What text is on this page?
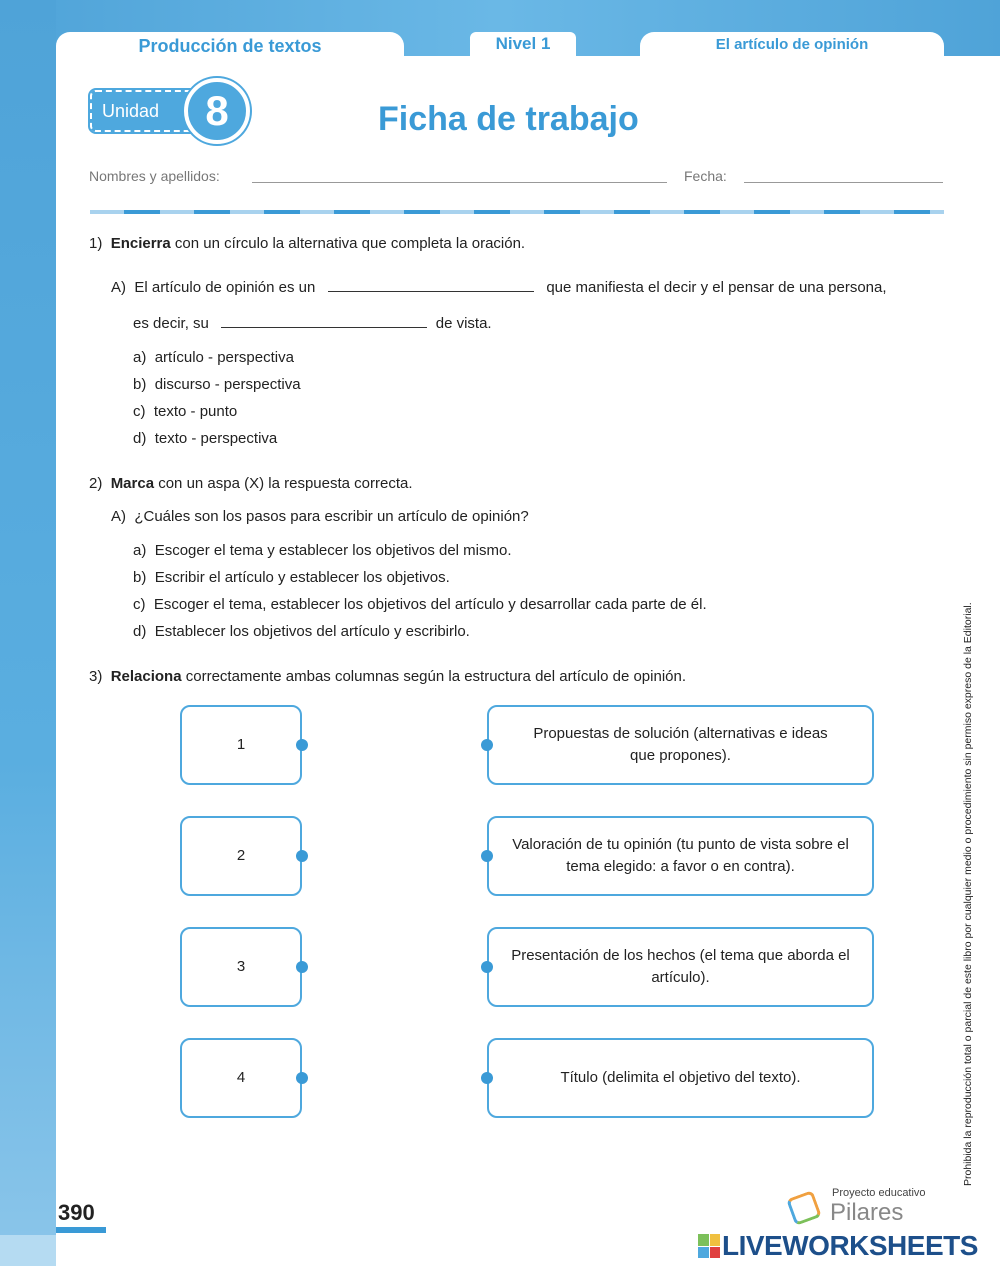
Producción de textos	Nivel 1	El artículo de opinión
Unidad	8	Ficha de trabajo
Nombres y apellidos:	Fecha:
1) Encierra con un círculo la alternativa que completa la oración.
A) El artículo de opinión es un	que manifiesta el decir y el pensar de una persona,
es decir, su	de vista.
a) artículo - perspectiva
b) discurso - perspectiva
c) texto - punto
d) texto - perspectiva
2) Marca con un aspa (X) la respuesta correcta.
A) ¿Cuáles son los pasos para escribir un artículo de opinión?
a) Escoger el tema y establecer los objetivos del mismo.
b) Escribir el artículo y establecer los objetivos.
c) Escoger el tema, establecer los objetivos del artículo y desarrollar cada parte de él.
d) Establecer los objetivos del artículo y escribirlo.
3) Relaciona correctamente ambas columnas según la estructura del artículo de opinión.
1
2
3
4
Propuestas de solución (alternativas e ideas que propones).
Valoración de tu opinión (tu punto de vista sobre el tema elegido: a favor o en contra).
Presentación de los hechos (el tema que aborda el artículo).
Título (delimita el objetivo del texto).	Prohibida la reproducción total o parcial de este libro por cualquier medio o procedimiento sin permiso expreso de la Editorial.
390
Proyecto educativo
Pilares
LIVEWORKSHEETS
